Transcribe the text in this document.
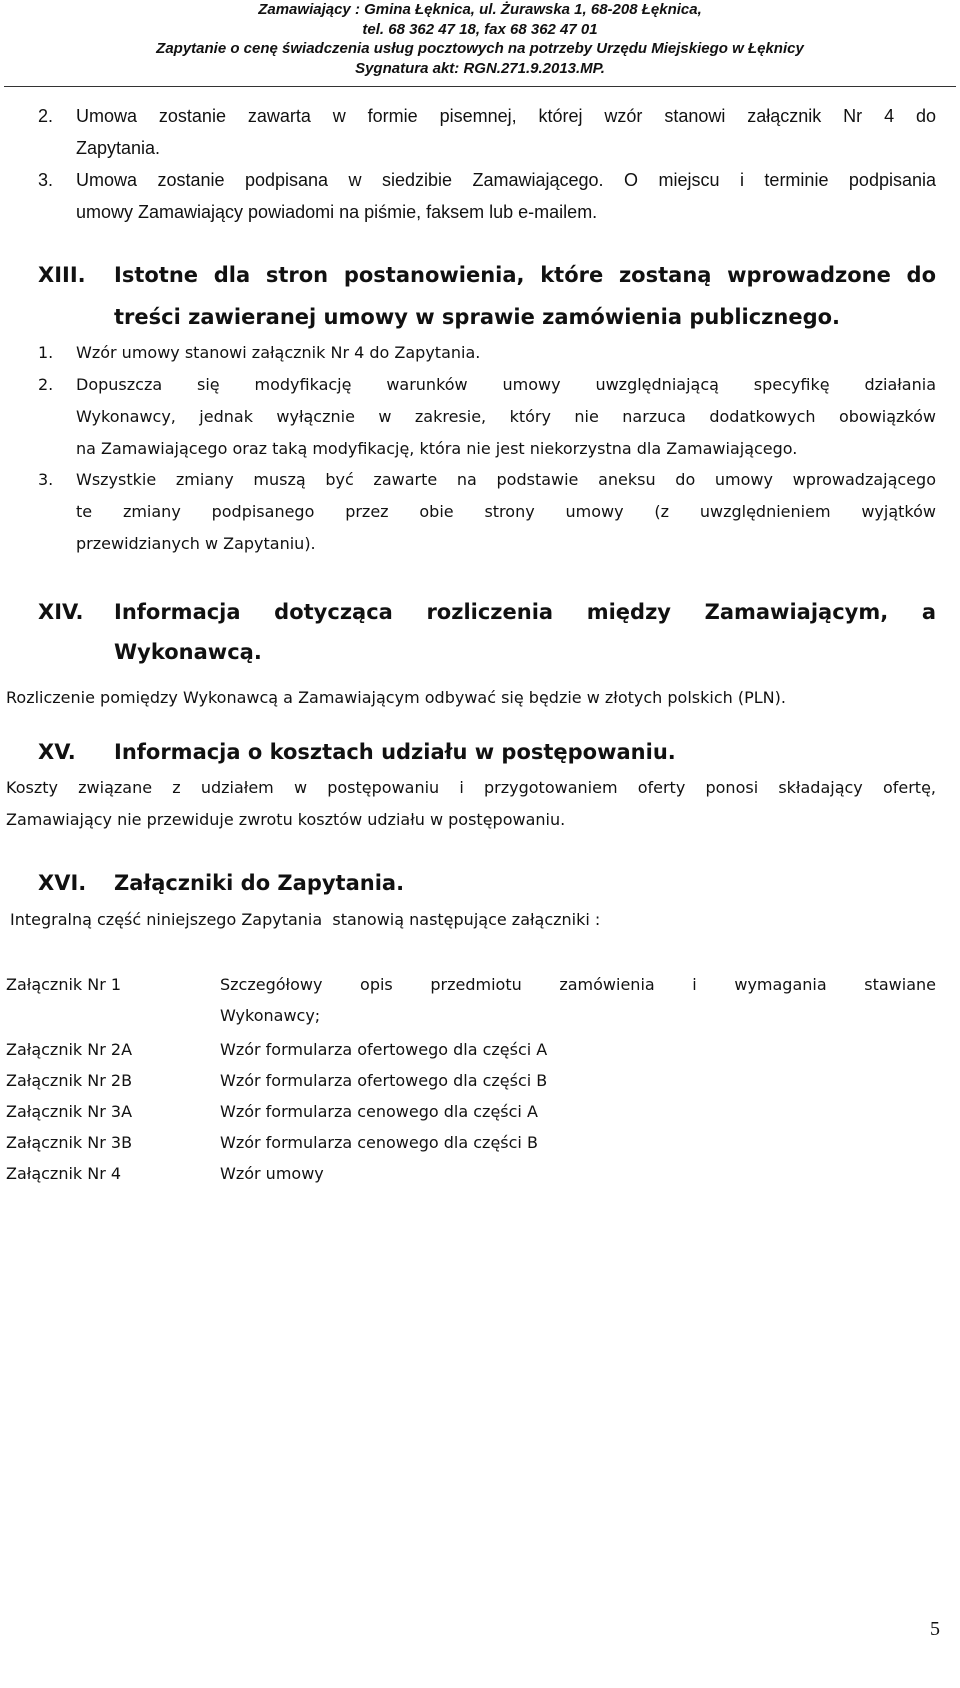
Zamawiający : Gmina Łęknica, ul. Żurawska 1, 68-208 Łęknica,
tel. 68 362 47 18, fax 68 362 47 01
Zapytanie o cenę świadczenia usług pocztowych na potrzeby Urzędu Miejskiego w Łęknicy
Sygnatura akt: RGN.271.9.2013.MP.
2. Umowa zostanie zawarta w formie pisemnej, której wzór stanowi załącznik Nr 4 do
Zapytania.
3. Umowa zostanie podpisana w siedzibie Zamawiającego. O miejscu i terminie podpisania
umowy Zamawiający powiadomi na piśmie, faksem lub e-mailem.
XIII. Istotne dla stron postanowienia, które zostaną wprowadzone do
treści zawieranej umowy w sprawie zamówienia publicznego.
1. Wzór umowy stanowi załącznik Nr 4 do Zapytania.
2. Dopuszcza się modyfikację warunków umowy uwzględniającą specyfikę działania
Wykonawcy, jednak wyłącznie w zakresie, który nie narzuca dodatkowych obowiązków
na Zamawiającego oraz taką modyfikację, która nie jest niekorzystna dla Zamawiającego.
3. Wszystkie zmiany muszą być zawarte na podstawie aneksu do umowy wprowadzającego
te zmiany podpisanego przez obie strony umowy (z uwzględnieniem wyjątków
przewidzianych w Zapytaniu).
XIV. Informacja dotycząca rozliczenia między Zamawiającym, a
Wykonawcą.
Rozliczenie pomiędzy Wykonawcą a Zamawiającym odbywać się będzie w złotych polskich (PLN).
XV. Informacja o kosztach udziału w postępowaniu.
Koszty związane z udziałem w postępowaniu i przygotowaniem oferty ponosi składający ofertę,
Zamawiający nie przewiduje zwrotu kosztów udziału w postępowaniu.
XVI. Załączniki do Zapytania.
Integralną część niniejszego Zapytania  stanowią następujące załączniki :
Załącznik Nr 1	Szczegółowy opis przedmiotu zamówienia i wymagania stawiane
Wykonawcy;
Załącznik Nr 2A	Wzór formularza ofertowego dla części A
Załącznik Nr 2B	Wzór formularza ofertowego dla części B
Załącznik Nr 3A	Wzór formularza cenowego dla części A
Załącznik Nr 3B	Wzór formularza cenowego dla części B
Załącznik Nr 4	Wzór umowy
5
